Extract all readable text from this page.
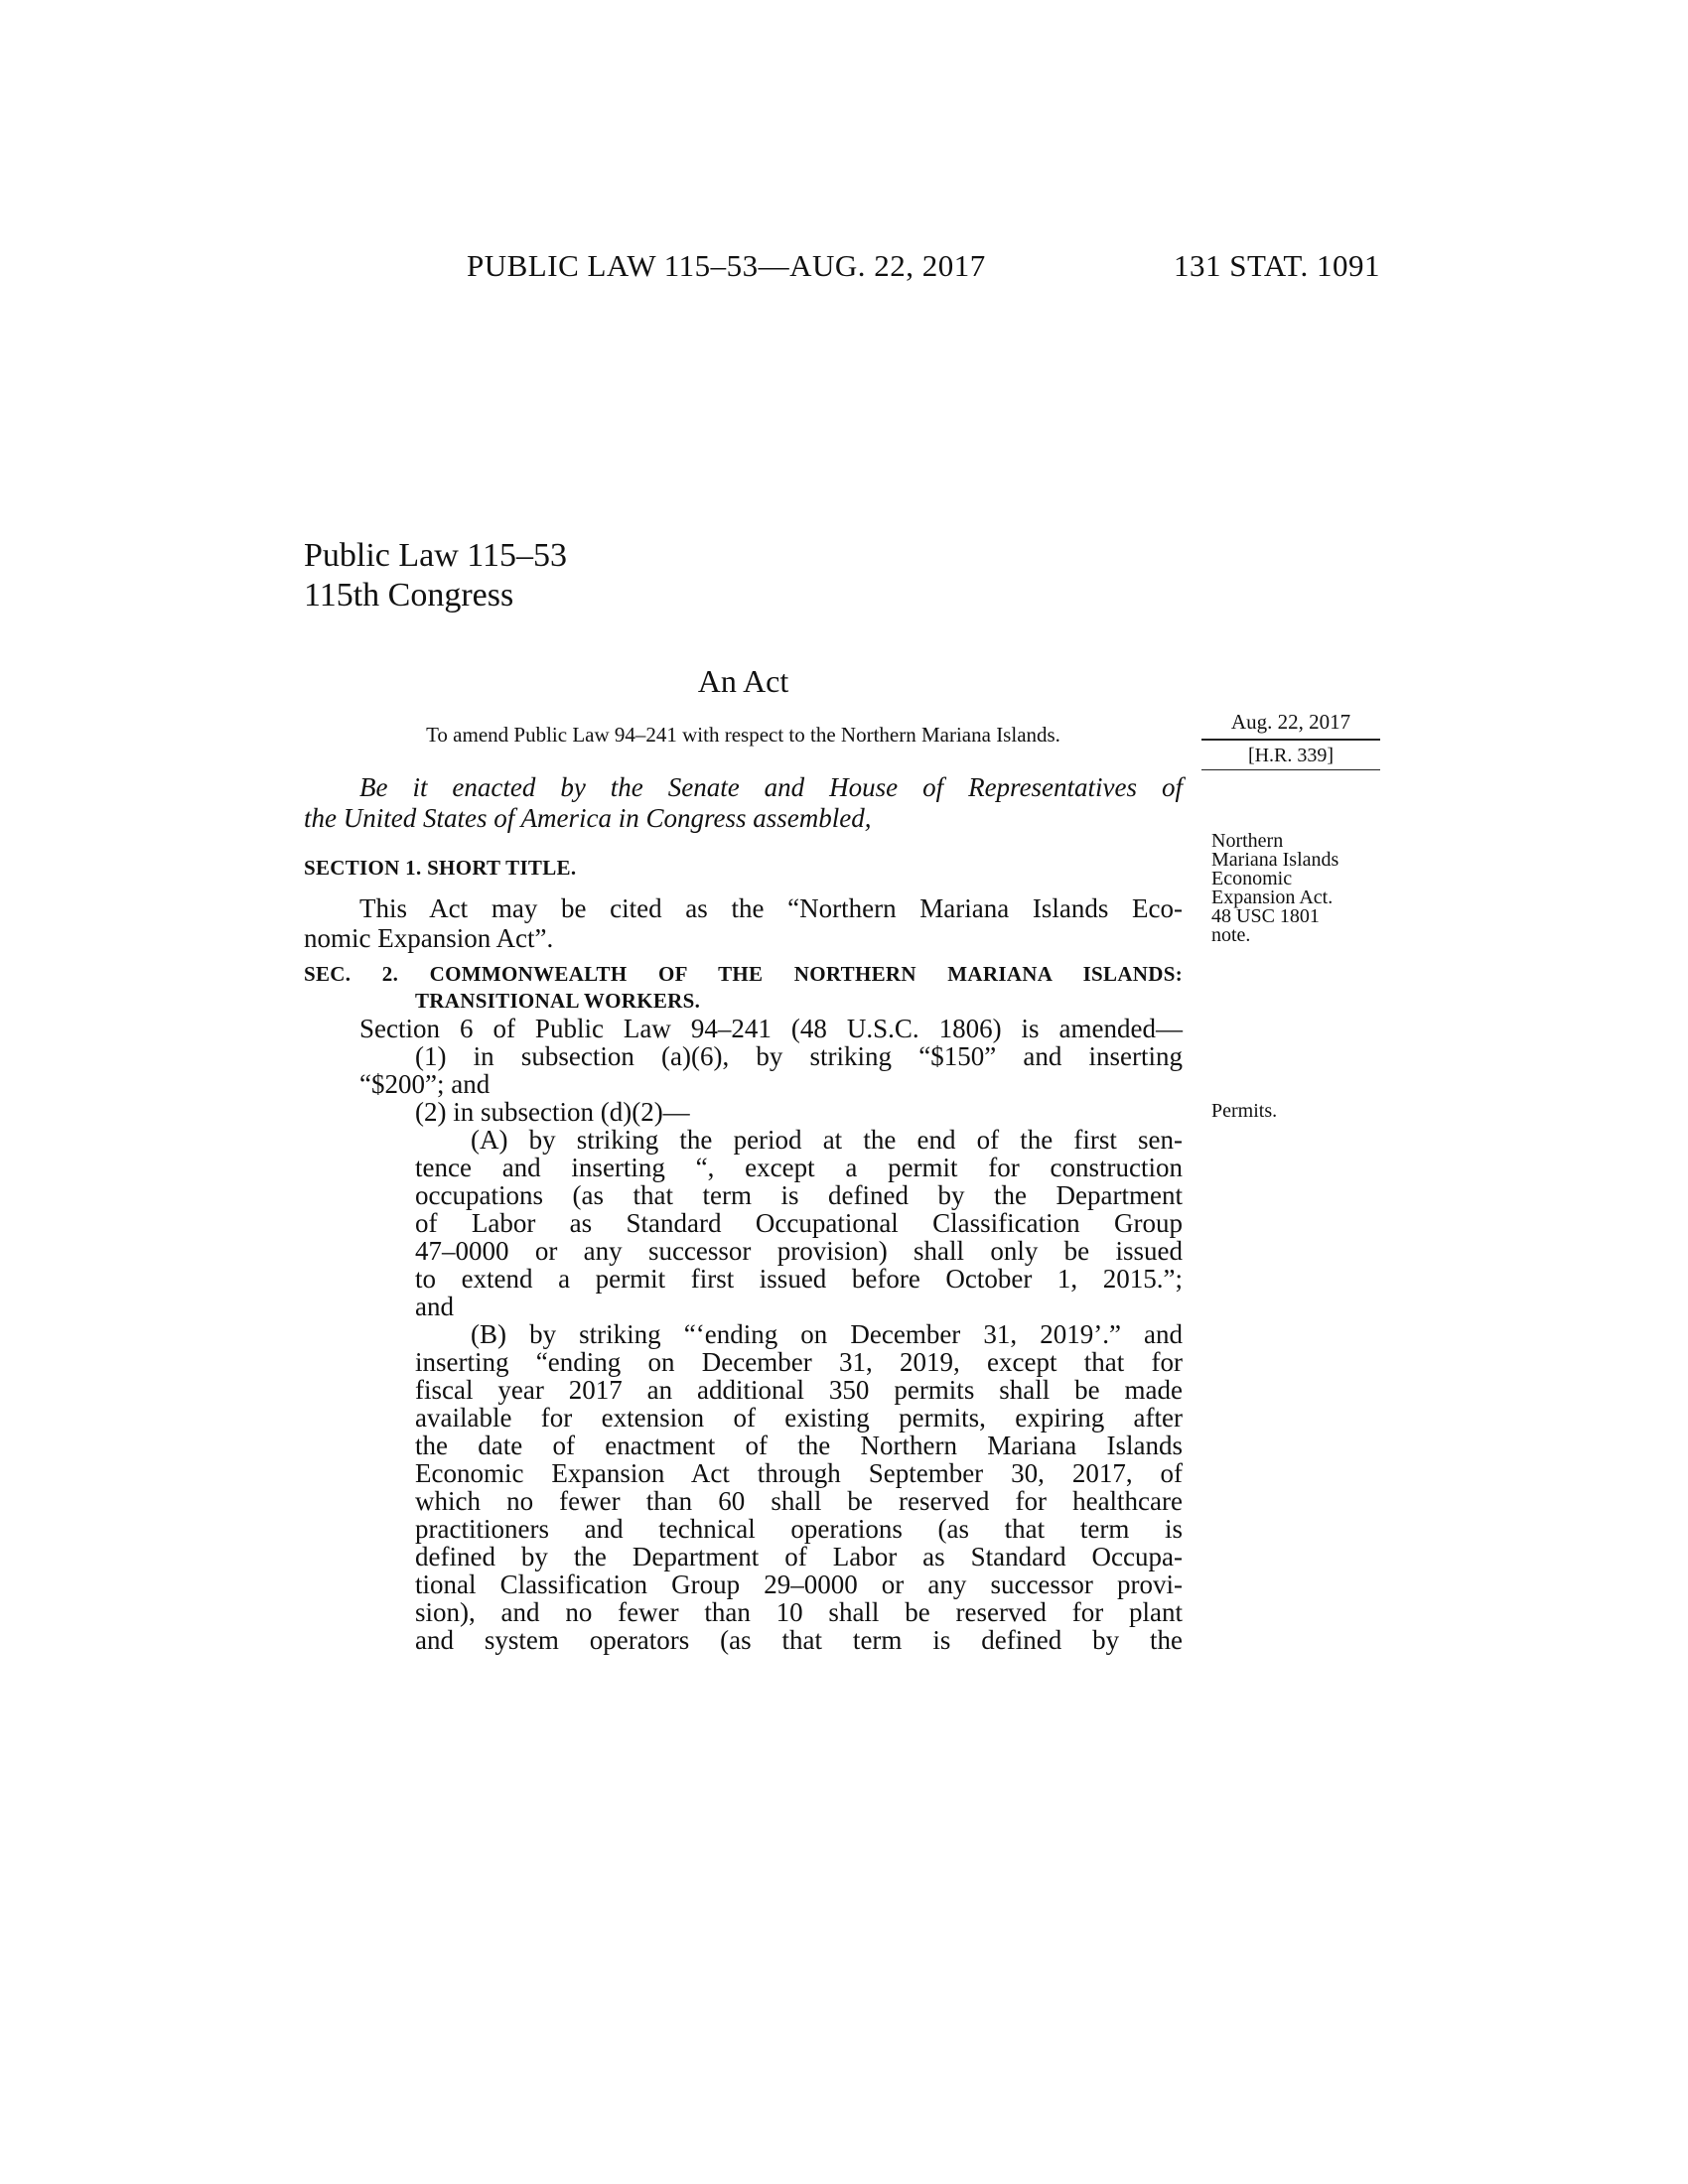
PUBLIC LAW 115–53—AUG. 22, 2017	131 STAT. 1091
Public Law 115–53
115th Congress
An Act
To amend Public Law 94–241 with respect to the Northern Mariana Islands.
Be it enacted by the Senate and House of Representatives of
the United States of America in Congress assembled,
SECTION 1. SHORT TITLE.
This Act may be cited as the “Northern Mariana Islands Eco-
nomic Expansion Act”.
SEC. 2. COMMONWEALTH OF THE NORTHERN MARIANA ISLANDS:
TRANSITIONAL WORKERS.
Section 6 of Public Law 94–241 (48 U.S.C. 1806) is amended—
(1) in subsection (a)(6), by striking “$150” and inserting
“$200”; and
(2) in subsection (d)(2)—
(A) by striking the period at the end of the first sen-
tence and inserting “, except a permit for construction
occupations (as that term is defined by the Department
of Labor as Standard Occupational Classification Group
47–0000 or any successor provision) shall only be issued
to extend a permit first issued before October 1, 2015.”;
and
(B) by striking “‘ending on December 31, 2019’.” and
inserting “ending on December 31, 2019, except that for
fiscal year 2017 an additional 350 permits shall be made
available for extension of existing permits, expiring after
the date of enactment of the Northern Mariana Islands
Economic Expansion Act through September 30, 2017, of
which no fewer than 60 shall be reserved for healthcare
practitioners and technical operations (as that term is
defined by the Department of Labor as Standard Occupa-
tional Classification Group 29–0000 or any successor provi-
sion), and no fewer than 10 shall be reserved for plant
and system operators (as that term is defined by the
Aug. 22, 2017
[H.R. 339]
Northern
Mariana Islands
Economic
Expansion Act.
48 USC 1801
note.
Permits.
